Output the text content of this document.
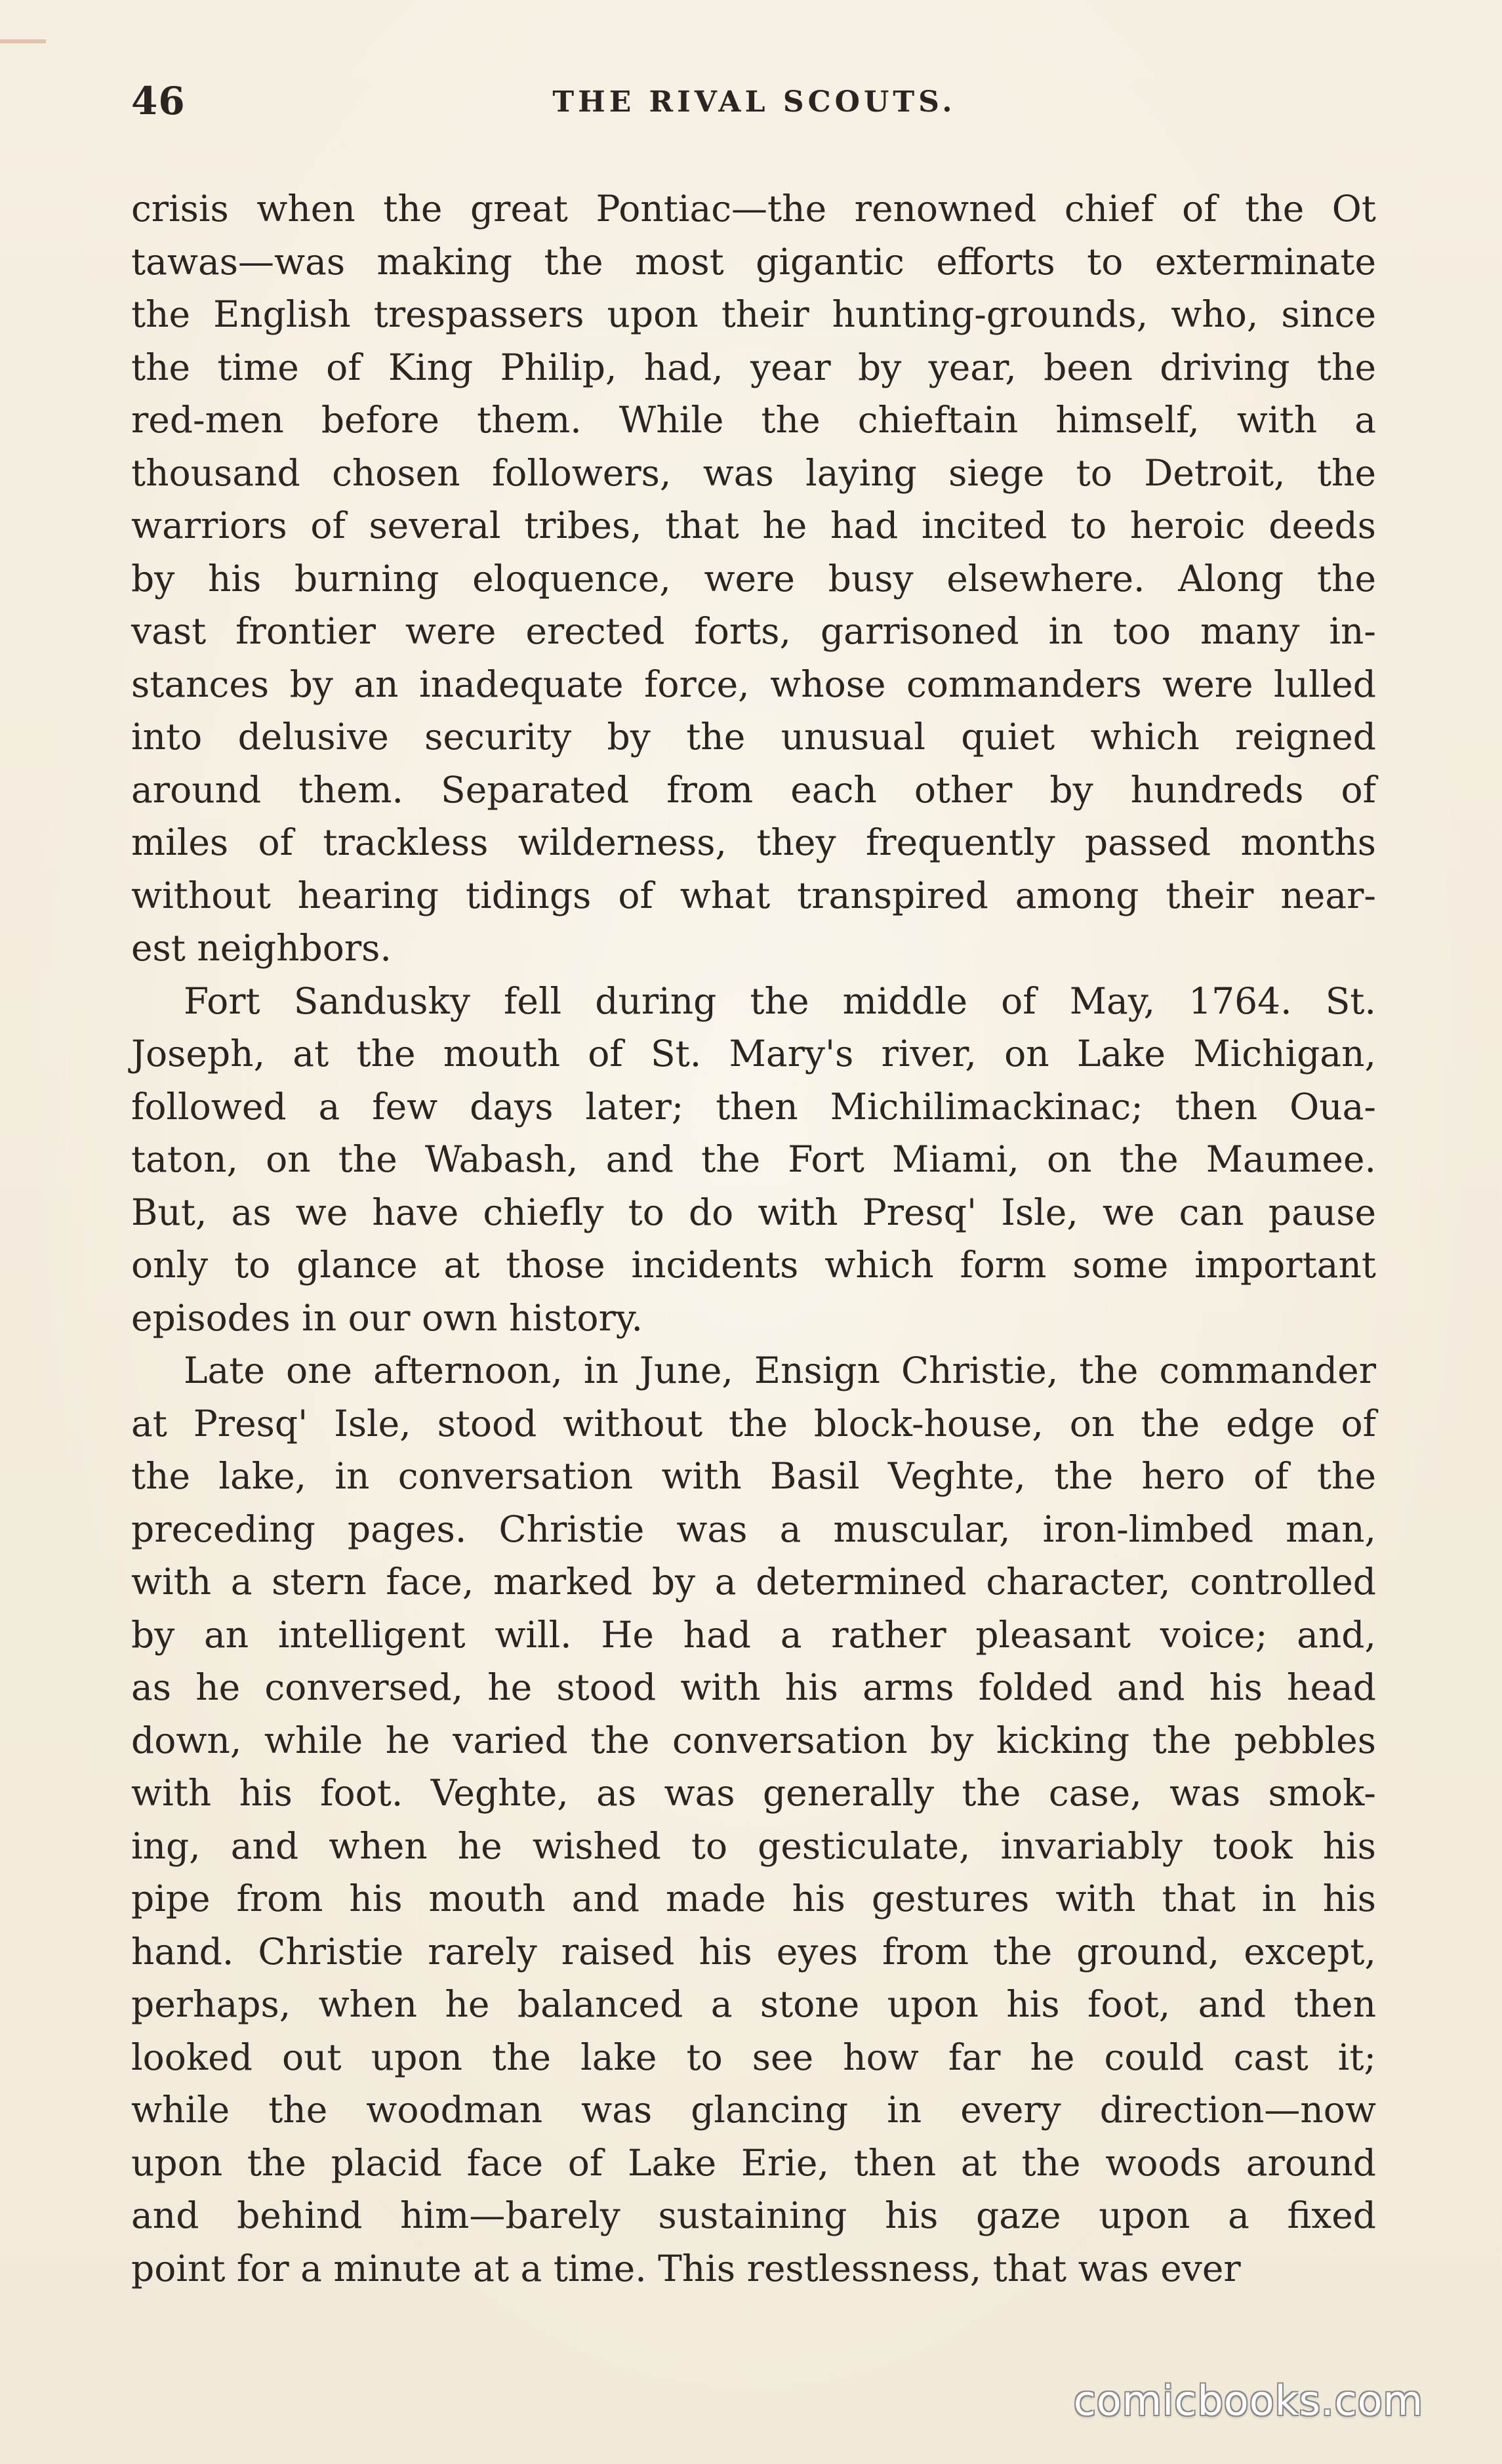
46	THE RIVAL SCOUTS.
crisis when the great Pontiac—the renowned chief of the Ot
tawas—was making the most gigantic efforts to exterminate
the English trespassers upon their hunting-grounds, who, since
the time of King Philip, had, year by year, been driving the
red-men before them. While the chieftain himself, with a
thousand chosen followers, was laying siege to Detroit, the
warriors of several tribes, that he had incited to heroic deeds
by his burning eloquence, were busy elsewhere. Along the
vast frontier were erected forts, garrisoned in too many in-
stances by an inadequate force, whose commanders were lulled
into delusive security by the unusual quiet which reigned
around them. Separated from each other by hundreds of
miles of trackless wilderness, they frequently passed months
without hearing tidings of what transpired among their near-
est neighbors.
Fort Sandusky fell during the middle of May, 1764. St.
Joseph, at the mouth of St. Mary's river, on Lake Michigan,
followed a few days later; then Michilimackinac; then Oua-
taton, on the Wabash, and the Fort Miami, on the Maumee.
But, as we have chiefly to do with Presq' Isle, we can pause
only to glance at those incidents which form some important
episodes in our own history.
Late one afternoon, in June, Ensign Christie, the commander
at Presq' Isle, stood without the block-house, on the edge of
the lake, in conversation with Basil Veghte, the hero of the
preceding pages. Christie was a muscular, iron-limbed man,
with a stern face, marked by a determined character, controlled
by an intelligent will. He had a rather pleasant voice; and,
as he conversed, he stood with his arms folded and his head
down, while he varied the conversation by kicking the pebbles
with his foot. Veghte, as was generally the case, was smok-
ing, and when he wished to gesticulate, invariably took his
pipe from his mouth and made his gestures with that in his
hand. Christie rarely raised his eyes from the ground, except,
perhaps, when he balanced a stone upon his foot, and then
looked out upon the lake to see how far he could cast it;
while the woodman was glancing in every direction—now
upon the placid face of Lake Erie, then at the woods around
and behind him—barely sustaining his gaze upon a fixed
point for a minute at a time. This restlessness, that was ever
comicbooks.com
